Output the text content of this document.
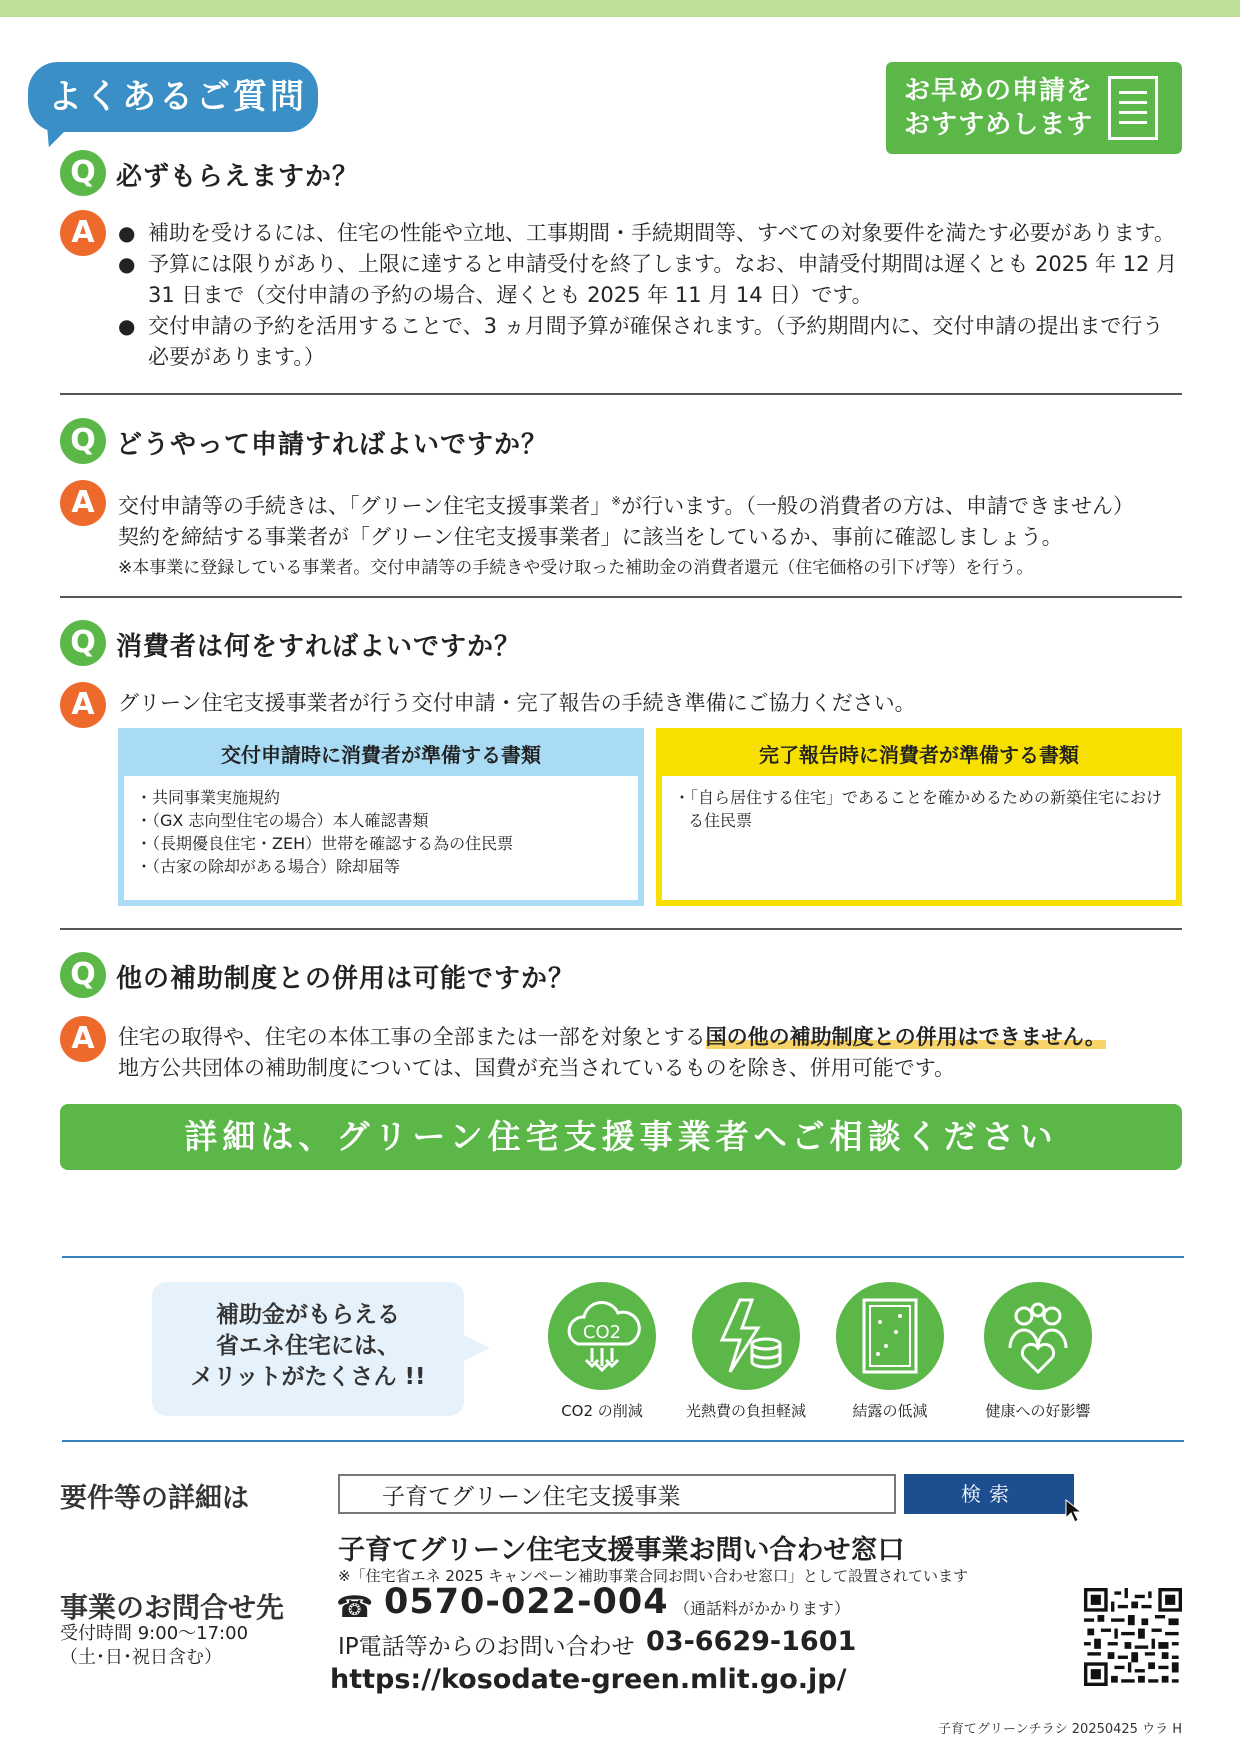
よくあるご質問	お早めの申請を
おすすめします
Q 必ずもらえますか？
A
●	補助を受けるには、住宅の性能や立地、工事期間・手続期間等、すべての対象要件を満たす必要があります。
● 予算には限りがあり、上限に達すると申請受付を終了します。なお、申請受付期間は遅くとも 2025 年 12 月 31 日まで（交付申請の予約の場合、遅くとも 2025 年 11 月 14 日）です。
● 交付申請の予約を活用することで、3 ヵ月間予算が確保されます。（予約期間内に、交付申請の提出まで行う必要があります。）
Q どうやって申請すればよいですか？
A	交付申請等の手続きは、「グリーン住宅支援事業者」※が行います。（一般の消費者の方は、申請できません）
契約を締結する事業者が「グリーン住宅支援事業者」に該当をしているか、事前に確認しましょう。
※本事業に登録している事業者。交付申請等の手続きや受け取った補助金の消費者還元（住宅価格の引下げ等）を行う。
Q 消費者は何をすればよいですか？
A	グリーン住宅支援事業者が行う交付申請・完了報告の手続き準備にご協力ください。
交付申請時に消費者が準備する書類
・共同事業実施規約
・（GX 志向型住宅の場合）本人確認書類
・（長期優良住宅・ZEH）世帯を確認する為の住民票
・（古家の除却がある場合）除却届等
完了報告時に消費者が準備する書類
・「自ら居住する住宅」であることを確かめるための新築住宅における住民票
Q 他の補助制度との併用は可能ですか？
A	住宅の取得や、住宅の本体工事の全部または一部を対象とする国の他の補助制度との併用はできません。
地方公共団体の補助制度については、国費が充当されているものを除き、併用可能です。
詳細は、グリーン住宅支援事業者へご相談ください
補助金がもらえる
省エネ住宅には、
メリットがたくさん !!
CO2
CO2 の削減	光熱費の負担軽減	結露の低減	健康への好影響
要件等の詳細は
子育てグリーン住宅支援事業	検索
子育てグリーン住宅支援事業お問い合わせ窓口
※「住宅省エネ 2025 キャンペーン補助事業合同お問い合わせ窓口」として設置されています
事業のお問合せ先
受付時間 9:00〜17:00
（土･日･祝日含む）
☎ 0570-022-004 （通話料がかかります）
IP電話等からのお問い合わせ 03-6629-1601
https://kosodate-green.mlit.go.jp/
子育てグリーンチラシ 20250425 ウラ H
